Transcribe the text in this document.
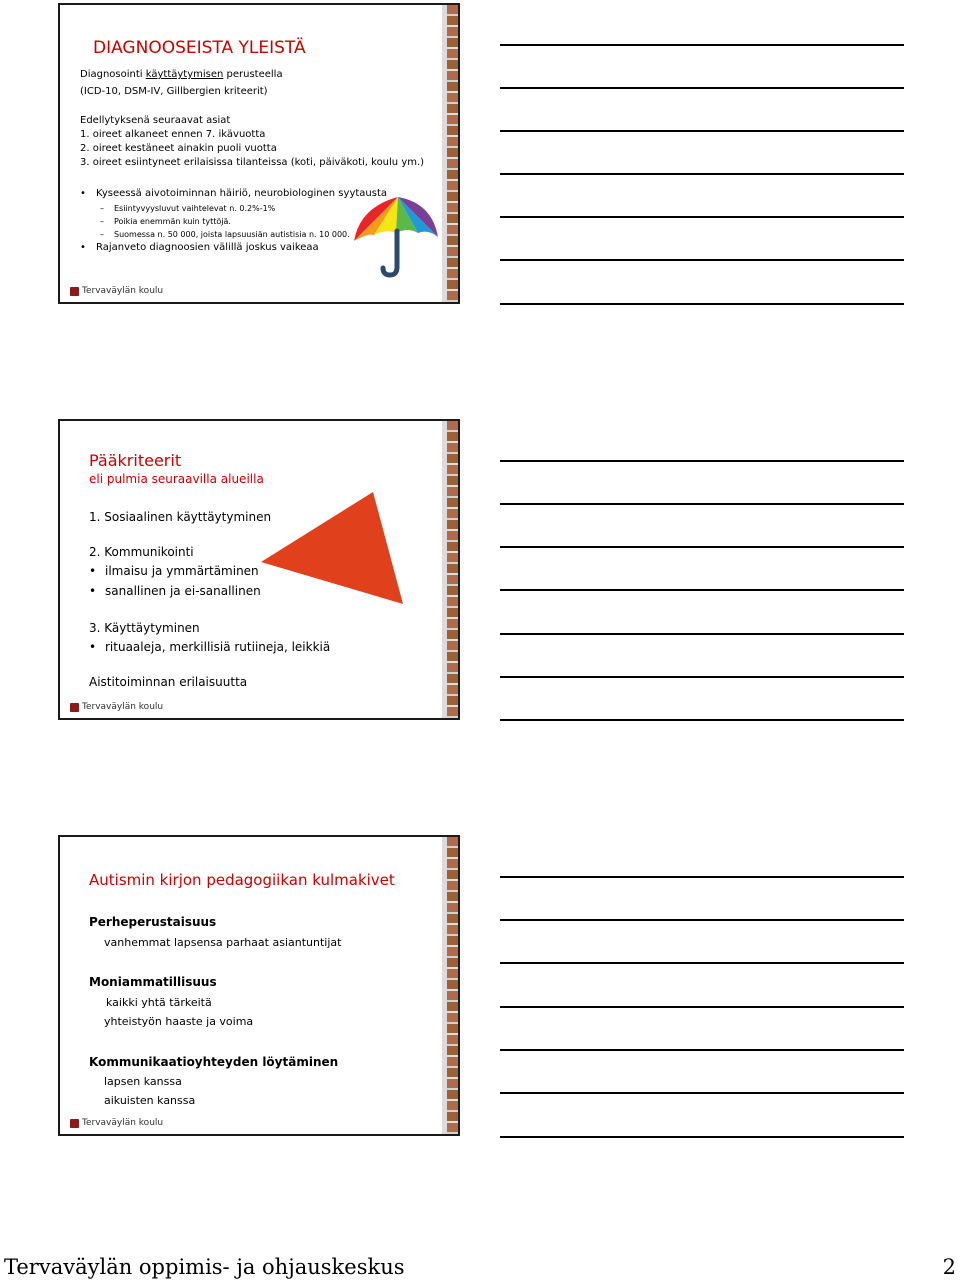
DIAGNOOSEISTA YLEISTÄ
Diagnosointi käyttäytymisen perusteella
(ICD-10, DSM-IV, Gillbergien kriteerit)
Edellytyksenä seuraavat asiat
1. oireet alkaneet ennen 7. ikävuotta
2. oireet kestäneet ainakin puoli vuotta
3. oireet esiintyneet erilaisissa tilanteissa (koti, päiväkoti, koulu ym.)
• Kyseessä aivotoiminnan häiriö, neurobiologinen syytausta
– Esiintyvyysluvut vaihtelevat n. 0.2%-1%
– Poikia enemmän kuin tyttöjä.
– Suomessa n. 50 000, joista lapsuusiän autistisia n. 10 000.
• Rajanveto diagnoosien välillä joskus vaikeaa
Tervaväylän koulu
Pääkriteerit
eli pulmia seuraavilla alueilla
1. Sosiaalinen käyttäytyminen
2. Kommunikointi
• ilmaisu ja ymmärtäminen
• sanallinen ja ei-sanallinen
3. Käyttäytyminen
• rituaaleja, merkillisiä rutiineja, leikkiä
Aistitoiminnan erilaisuutta
Tervaväylän koulu
Autismin kirjon pedagogiikan kulmakivet
Perheperustaisuus
vanhemmat lapsensa parhaat asiantuntijat
Moniammatillisuus
kaikki yhtä tärkeitä
yhteistyön haaste ja voima
Kommunikaatioyhteyden löytäminen
lapsen kanssa
aikuisten kanssa
Tervaväylän koulu
Tervaväylän oppimis- ja ohjauskeskus	2
